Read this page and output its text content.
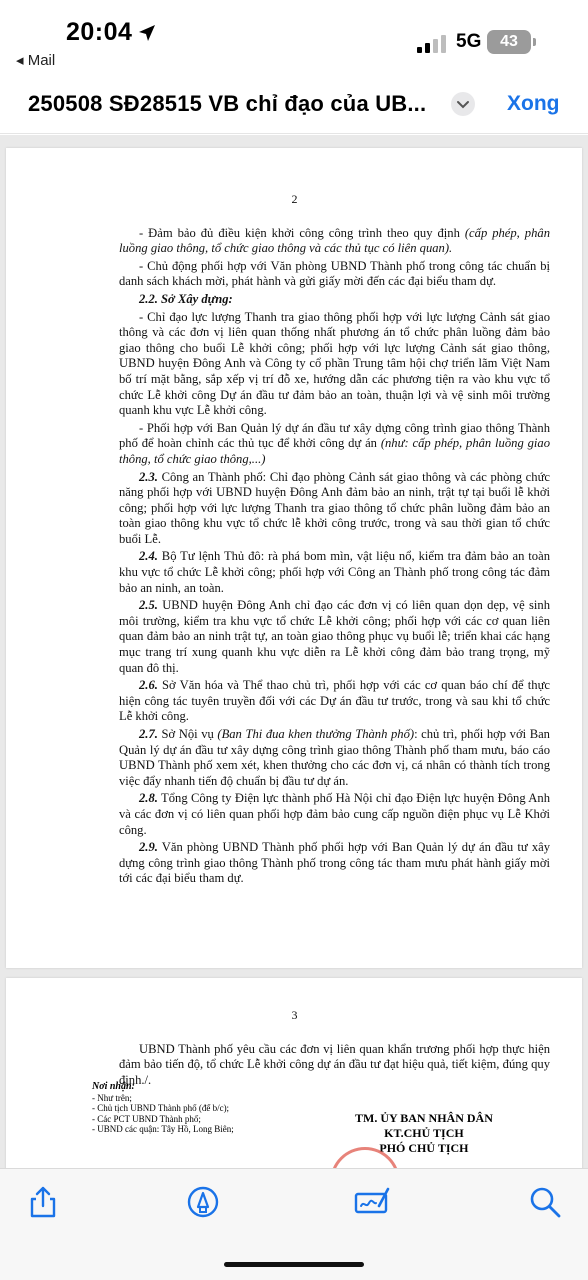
20:04
◂ Mail
5G	43
250508 SĐ28515 VB chỉ đạo của UB...	Xong
2

- Đảm bảo đủ điều kiện khởi công công trình theo quy định (cấp phép, phân luồng giao thông, tổ chức giao thông và các thủ tục có liên quan).

- Chủ động phối hợp với Văn phòng UBND Thành phố trong công tác chuẩn bị danh sách khách mời, phát hành và gửi giấy mời đến các đại biểu tham dự.

2.2. Sở Xây dựng:

- Chỉ đạo lực lượng Thanh tra giao thông phối hợp với lực lượng Cảnh sát giao thông và các đơn vị liên quan thống nhất phương án tổ chức phân luồng đảm bảo giao thông cho buổi Lễ khởi công; phối hợp với lực lượng Cảnh sát giao thông, UBND huyện Đông Anh và Công ty cổ phần Trung tâm hội chợ triển lãm Việt Nam bố trí mặt bằng, sắp xếp vị trí đỗ xe, hướng dẫn các phương tiện ra vào khu vực tổ chức Lễ khởi công Dự án đầu tư đảm bảo an toàn, thuận lợi và vệ sinh môi trường quanh khu vực Lễ khởi công.

- Phối hợp với Ban Quản lý dự án đầu tư xây dựng công trình giao thông Thành phố để hoàn chỉnh các thủ tục để khởi công dự án (như: cấp phép, phân luồng giao thông, tổ chức giao thông,...)

2.3. Công an Thành phố: Chỉ đạo phòng Cảnh sát giao thông và các phòng chức năng phối hợp với UBND huyện Đông Anh đảm bảo an ninh, trật tự tại buổi lễ khởi công; phối hợp với lực lượng Thanh tra giao thông tổ chức phân luồng đảm bảo an toàn giao thông khu vực tổ chức lễ khởi công trước, trong và sau thời gian tổ chức buổi Lễ.

2.4. Bộ Tư lệnh Thủ đô: rà phá bom mìn, vật liệu nổ, kiểm tra đảm bảo an toàn khu vực tổ chức Lễ khởi công; phối hợp với Công an Thành phố trong công tác đảm bảo an ninh, an toàn.

2.5. UBND huyện Đông Anh chỉ đạo các đơn vị có liên quan dọn dẹp, vệ sinh môi trường, kiểm tra khu vực tổ chức Lễ khởi công; phối hợp với các cơ quan liên quan đảm bảo an ninh trật tự, an toàn giao thông phục vụ buổi lễ; triển khai các hạng mục trang trí xung quanh khu vực diễn ra Lễ khởi công đảm bảo trang trọng, mỹ quan đô thị.

2.6. Sở Văn hóa và Thể thao chủ trì, phối hợp với các cơ quan báo chí để thực hiện công tác tuyên truyền đối với các Dự án đầu tư trước, trong và sau khi tổ chức Lễ khởi công.

2.7. Sở Nội vụ (Ban Thi đua khen thưởng Thành phố): chủ trì, phối hợp với Ban Quản lý dự án đầu tư xây dựng công trình giao thông Thành phố tham mưu, báo cáo UBND Thành phố xem xét, khen thưởng cho các đơn vị, cá nhân có thành tích trong việc đẩy nhanh tiến độ chuẩn bị đầu tư dự án.

2.8. Tổng Công ty Điện lực thành phố Hà Nội chỉ đạo Điện lực huyện Đông Anh và các đơn vị có liên quan phối hợp đảm bảo cung cấp nguồn điện phục vụ Lễ Khởi công.

2.9. Văn phòng UBND Thành phố phối hợp với Ban Quản lý dự án đầu tư xây dựng công trình giao thông Thành phố trong công tác tham mưu phát hành giấy mời tới các đại biểu tham dự.

3

UBND Thành phố yêu cầu các đơn vị liên quan khẩn trương phối hợp thực hiện đảm bảo tiến độ, tổ chức Lễ khởi công dự án đầu tư đạt hiệu quả, tiết kiệm, đúng quy định./.

Nơi nhận:
- Như trên;
- Chủ tịch UBND Thành phố (để b/c);
- Các PCT UBND Thành phố;
- UBND các quận: Tây Hồ, Long Biên;
TM. ỦY BAN NHÂN DÂN
KT.CHỦ TỊCH
PHÓ CHỦ TỊCH
